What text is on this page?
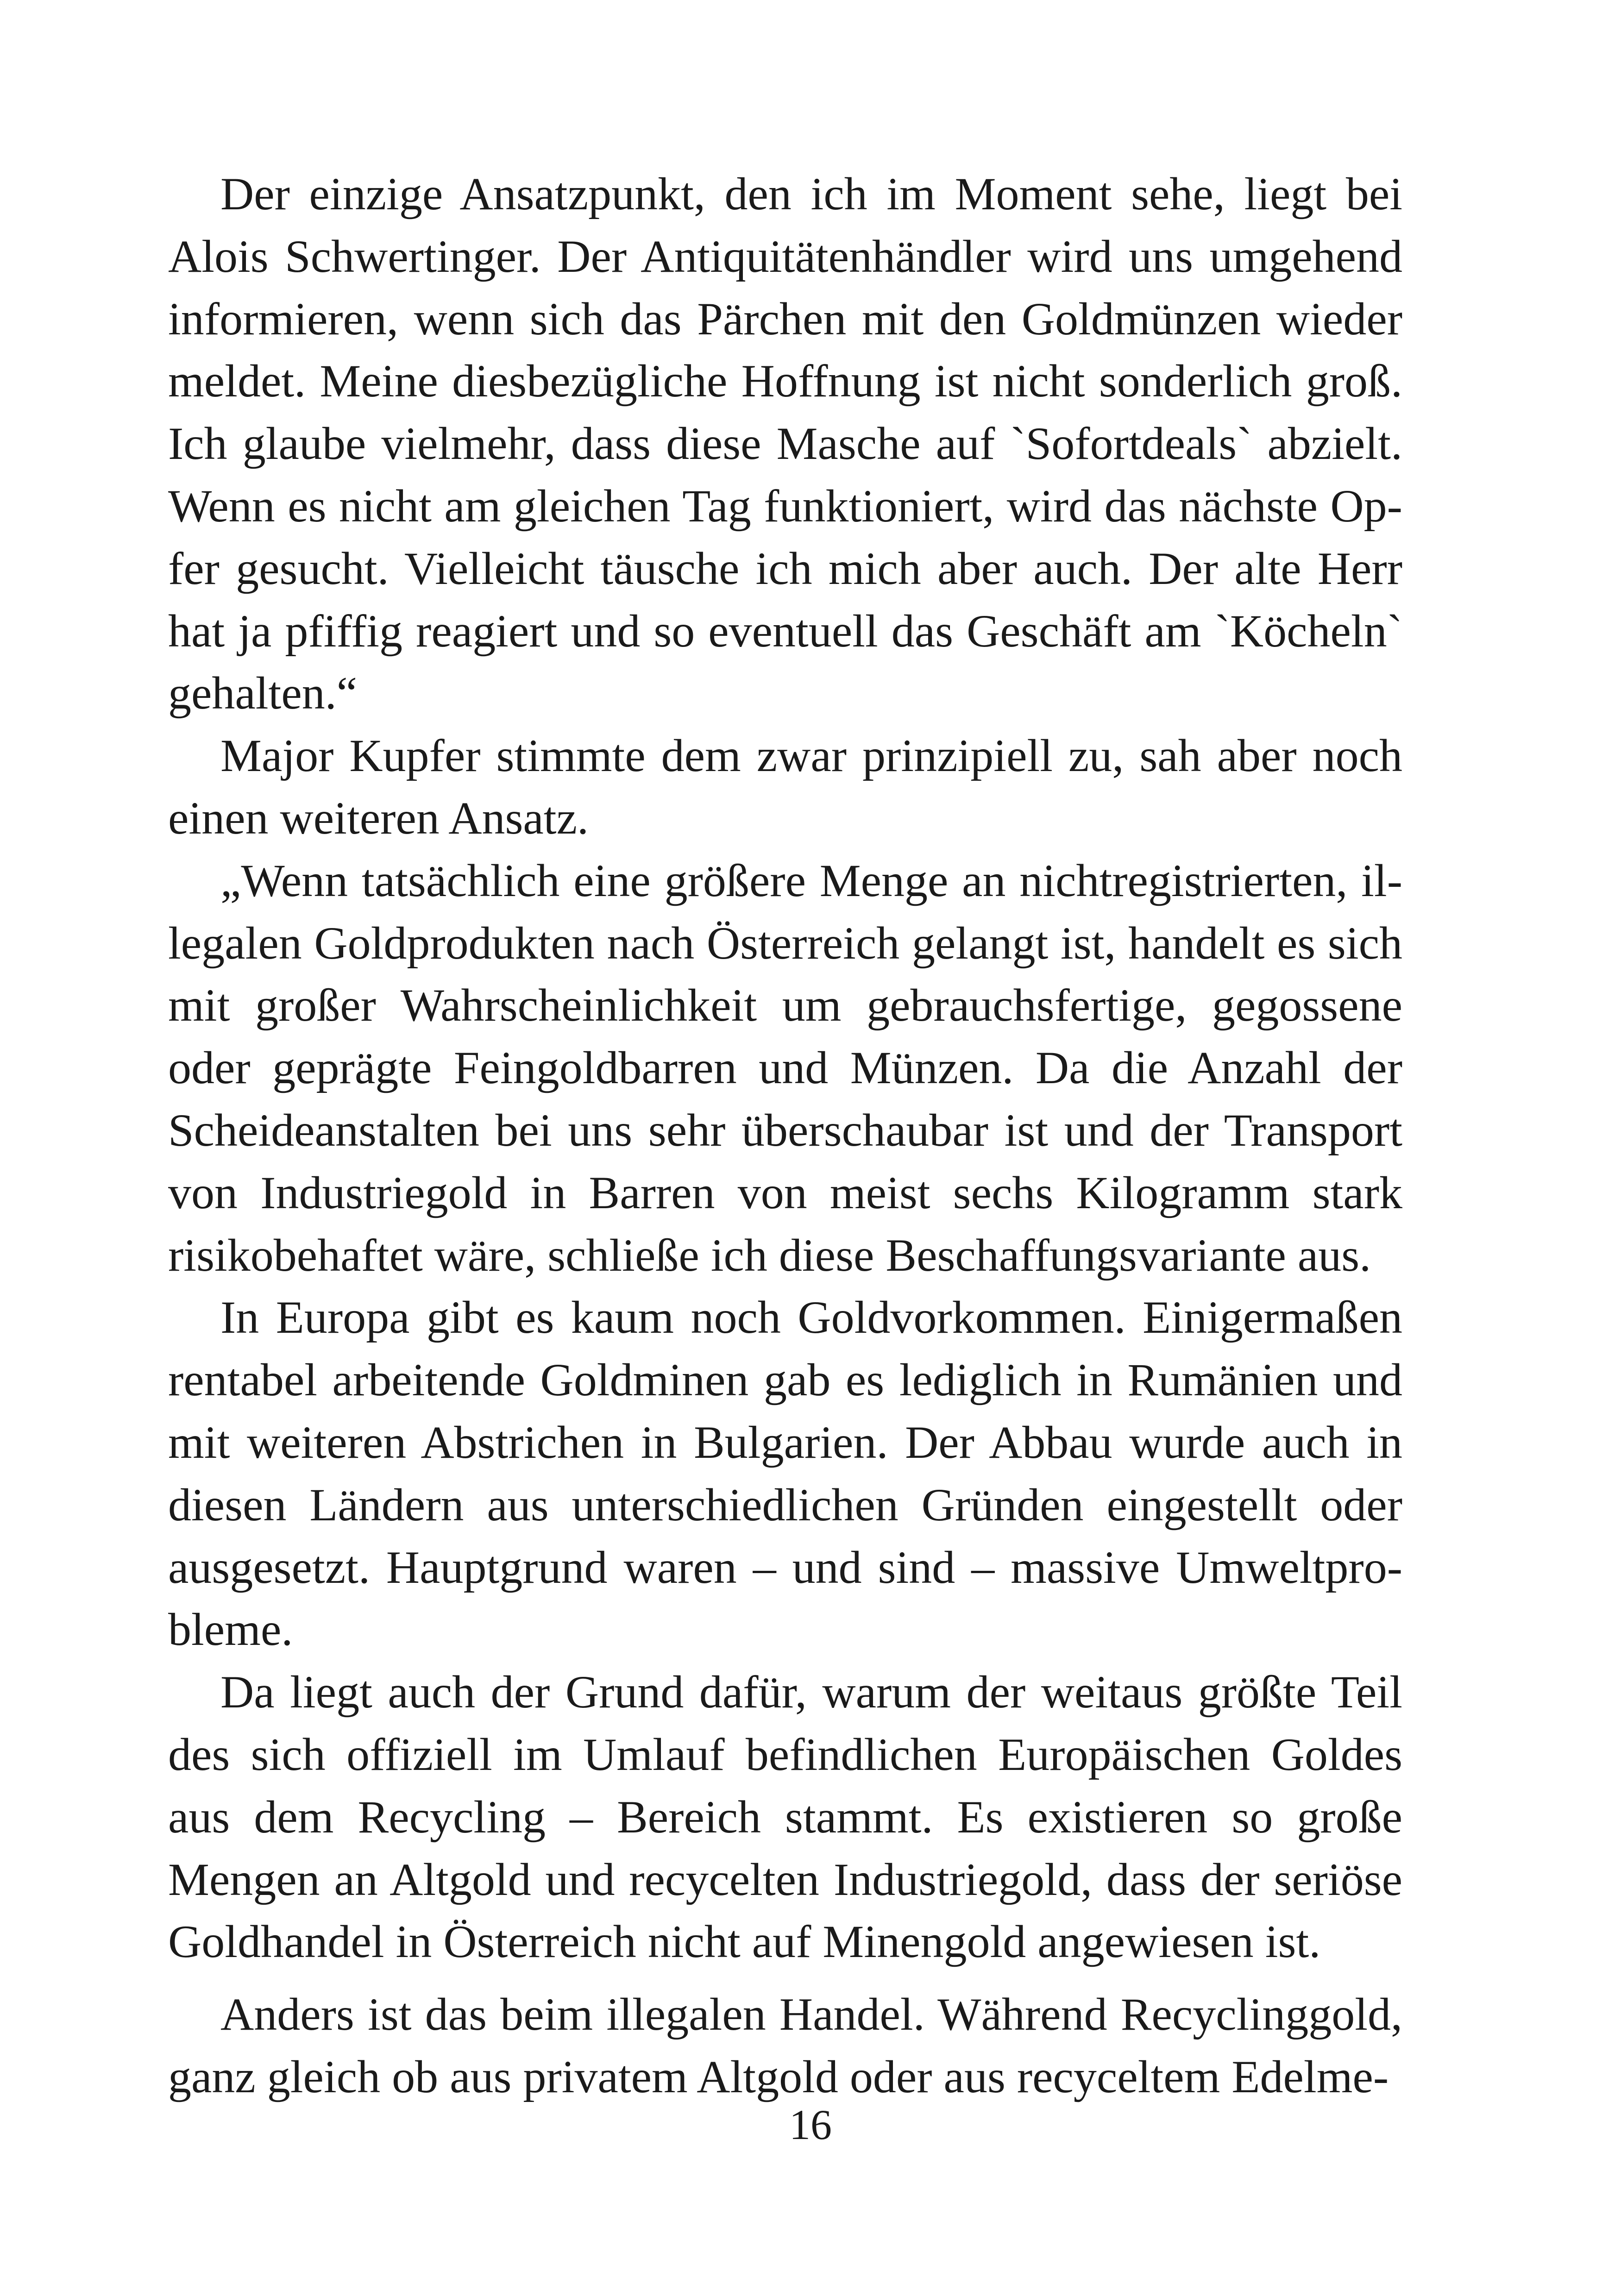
Der einzige Ansatzpunkt, den ich im Moment sehe, liegt bei
Alois Schwertinger. Der Antiquitätenhändler wird uns umgehend
informieren, wenn sich das Pärchen mit den Goldmünzen wieder
meldet. Meine diesbezügliche Hoffnung ist nicht sonderlich groß.
Ich glaube vielmehr, dass diese Masche auf `Sofortdeals` abzielt.
Wenn es nicht am gleichen Tag funktioniert, wird das nächste Op-
fer gesucht. Vielleicht täusche ich mich aber auch. Der alte Herr
hat ja pfiffig reagiert und so eventuell das Geschäft am `Köcheln`
gehalten.“

Major Kupfer stimmte dem zwar prinzipiell zu, sah aber noch
einen weiteren Ansatz.

„Wenn tatsächlich eine größere Menge an nichtregistrierten, il-
legalen Goldprodukten nach Österreich gelangt ist, handelt es sich
mit großer Wahrscheinlichkeit um gebrauchsfertige, gegossene
oder geprägte Feingoldbarren und Münzen. Da die Anzahl der
Scheideanstalten bei uns sehr überschaubar ist und der Transport
von Industriegold in Barren von meist sechs Kilogramm stark
risikobehaftet wäre, schließe ich diese Beschaffungsvariante aus.

In Europa gibt es kaum noch Goldvorkommen. Einigermaßen
rentabel arbeitende Goldminen gab es lediglich in Rumänien und
mit weiteren Abstrichen in Bulgarien. Der Abbau wurde auch in
diesen Ländern aus unterschiedlichen Gründen eingestellt oder
ausgesetzt. Hauptgrund waren – und sind – massive Umweltpro-
bleme.

Da liegt auch der Grund dafür, warum der weitaus größte Teil
des sich offiziell im Umlauf befindlichen Europäischen Goldes
aus dem Recycling – Bereich stammt. Es existieren so große
Mengen an Altgold und recycelten Industriegold, dass der seriöse
Goldhandel in Österreich nicht auf Minengold angewiesen ist.

Anders ist das beim illegalen Handel. Während Recyclinggold,
ganz gleich ob aus privatem Altgold oder aus recyceltem Edelme-

16
